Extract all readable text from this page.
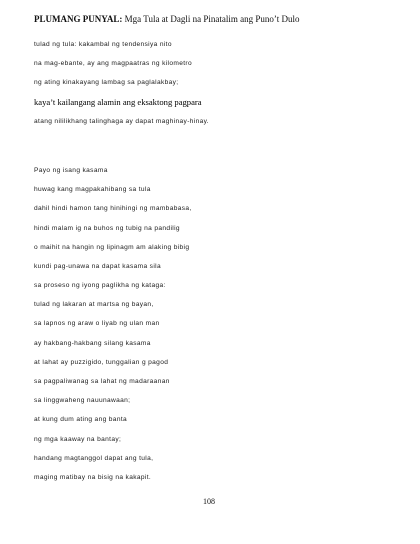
PLUMANG PUNYAL: Mga Tula at Dagli na Pinatalim ang Puno’t Dulo
tulad ng tula: kakambal ng tendensiya nito
na mag-ebante, ay ang magpaatras ng kilometro
ng ating kinakayang lambag sa paglalakbay;
kaya’t kailangang alamin ang eksaktong pagpara
atang nililikhang talinghaga ay dapat maghinay-hinay.
Payo ng isang kasama
huwag kang magpakahibang sa tula
dahil hindi hamon tang hinihingi ng mambabasa,
hindi malam ig na buhos ng tubig na pandilig
o maihit na hangin ng lipinagm am alaking bibig
kundi pag-unawa na dapat kasama sila
sa proseso ng iyong paglikha ng kataga:
tulad ng lakaran at martsa ng bayan,
sa lapnos ng araw o liyab ng ulan man
ay hakbang-hakbang silang kasama
at lahat ay puzzigido, tunggalian g pagod
sa pagpaliwanag sa lahat ng madaraanan
sa linggwaheng nauunawaan;
at kung dum ating ang banta
ng mga kaaway na bantay;
handang magtanggol dapat ang tula,
maging matibay na bisig na kakapit.
108
